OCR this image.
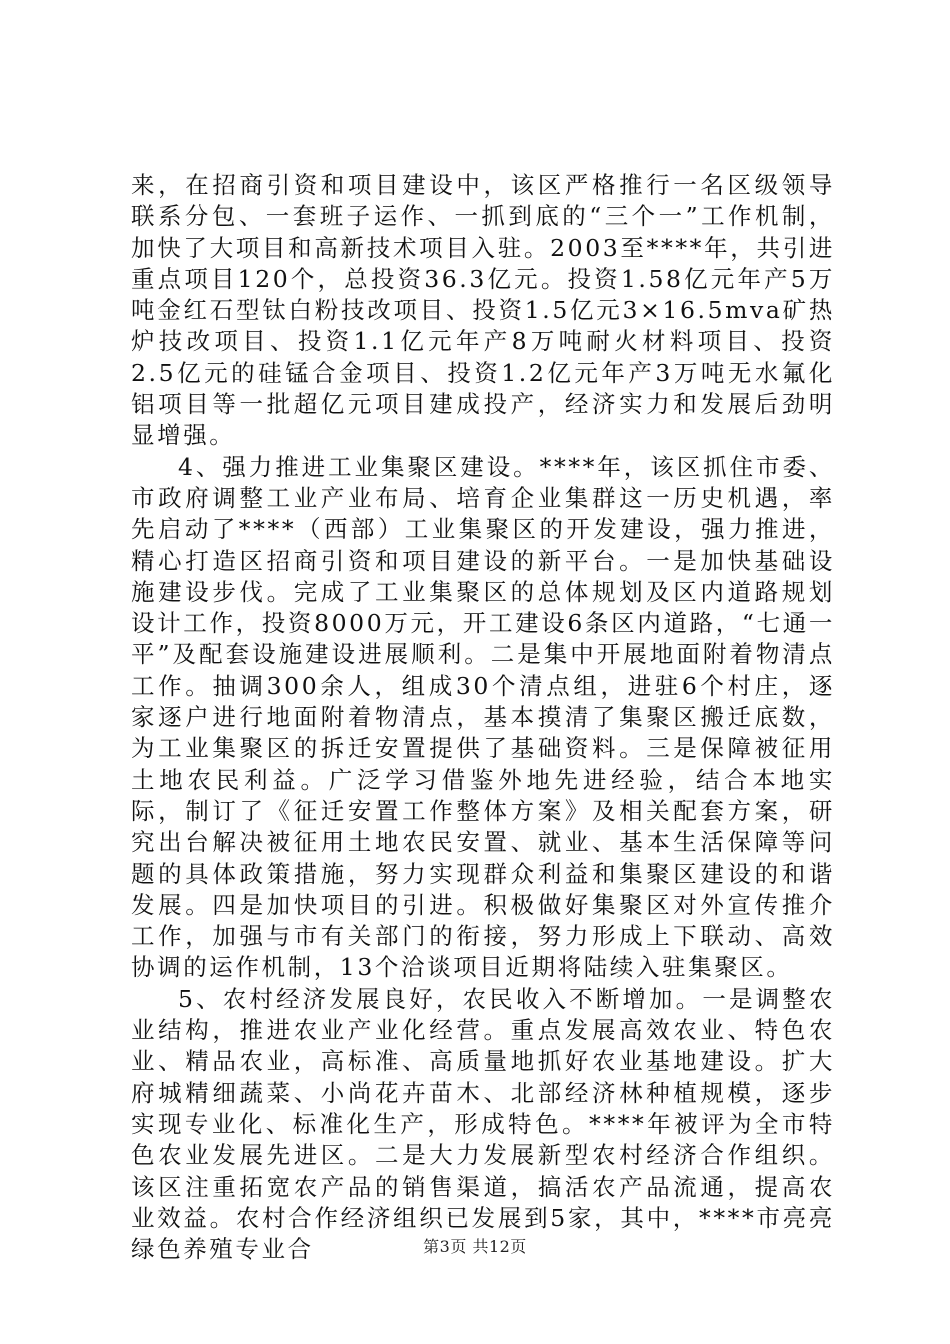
来，在招商引资和项目建设中，该区严格推行一名区级领导联系分包、一套班子运作、一抓到底的“三个一”工作机制，加快了大项目和高新技术项目入驻。2003至****年，共引进重点项目120个，总投资36.3亿元。投资1.58亿元年产5万吨金红石型钛白粉技改项目、投资1.5亿元3×16.5mva矿热炉技改项目、投资1.1亿元年产8万吨耐火材料项目、投资2.5亿元的硅锰合金项目、投资1.2亿元年产3万吨无水氟化铝项目等一批超亿元项目建成投产，经济实力和发展后劲明显增强。

4、强力推进工业集聚区建设。****年，该区抓住市委、市政府调整工业产业布局、培育企业集群这一历史机遇，率先启动了****（西部）工业集聚区的开发建设，强力推进，精心打造区招商引资和项目建设的新平台。一是加快基础设施建设步伐。完成了工业集聚区的总体规划及区内道路规划设计工作，投资8000万元，开工建设6条区内道路，“七通一平”及配套设施建设进展顺利。二是集中开展地面附着物清点工作。抽调300余人，组成30个清点组，进驻6个村庄，逐家逐户进行地面附着物清点，基本摸清了集聚区搬迁底数，为工业集聚区的拆迁安置提供了基础资料。三是保障被征用土地农民利益。广泛学习借鉴外地先进经验，结合本地实际，制订了《征迁安置工作整体方案》及相关配套方案，研究出台解决被征用土地农民安置、就业、基本生活保障等问题的具体政策措施，努力实现群众利益和集聚区建设的和谐发展。四是加快项目的引进。积极做好集聚区对外宣传推介工作，加强与市有关部门的衔接，努力形成上下联动、高效协调的运作机制，13个洽谈项目近期将陆续入驻集聚区。

5、农村经济发展良好，农民收入不断增加。一是调整农业结构，推进农业产业化经营。重点发展高效农业、特色农业、精品农业，高标准、高质量地抓好农业基地建设。扩大府城精细蔬菜、小尚花卉苗木、北部经济林种植规模，逐步实现专业化、标准化生产，形成特色。****年被评为全市特色农业发展先进区。二是大力发展新型农村经济合作组织。该区注重拓宽农产品的销售渠道，搞活农产品流通，提高农业效益。农村合作经济组织已发展到5家，其中，****市亮亮绿色养殖专业合	第3页 共12页
